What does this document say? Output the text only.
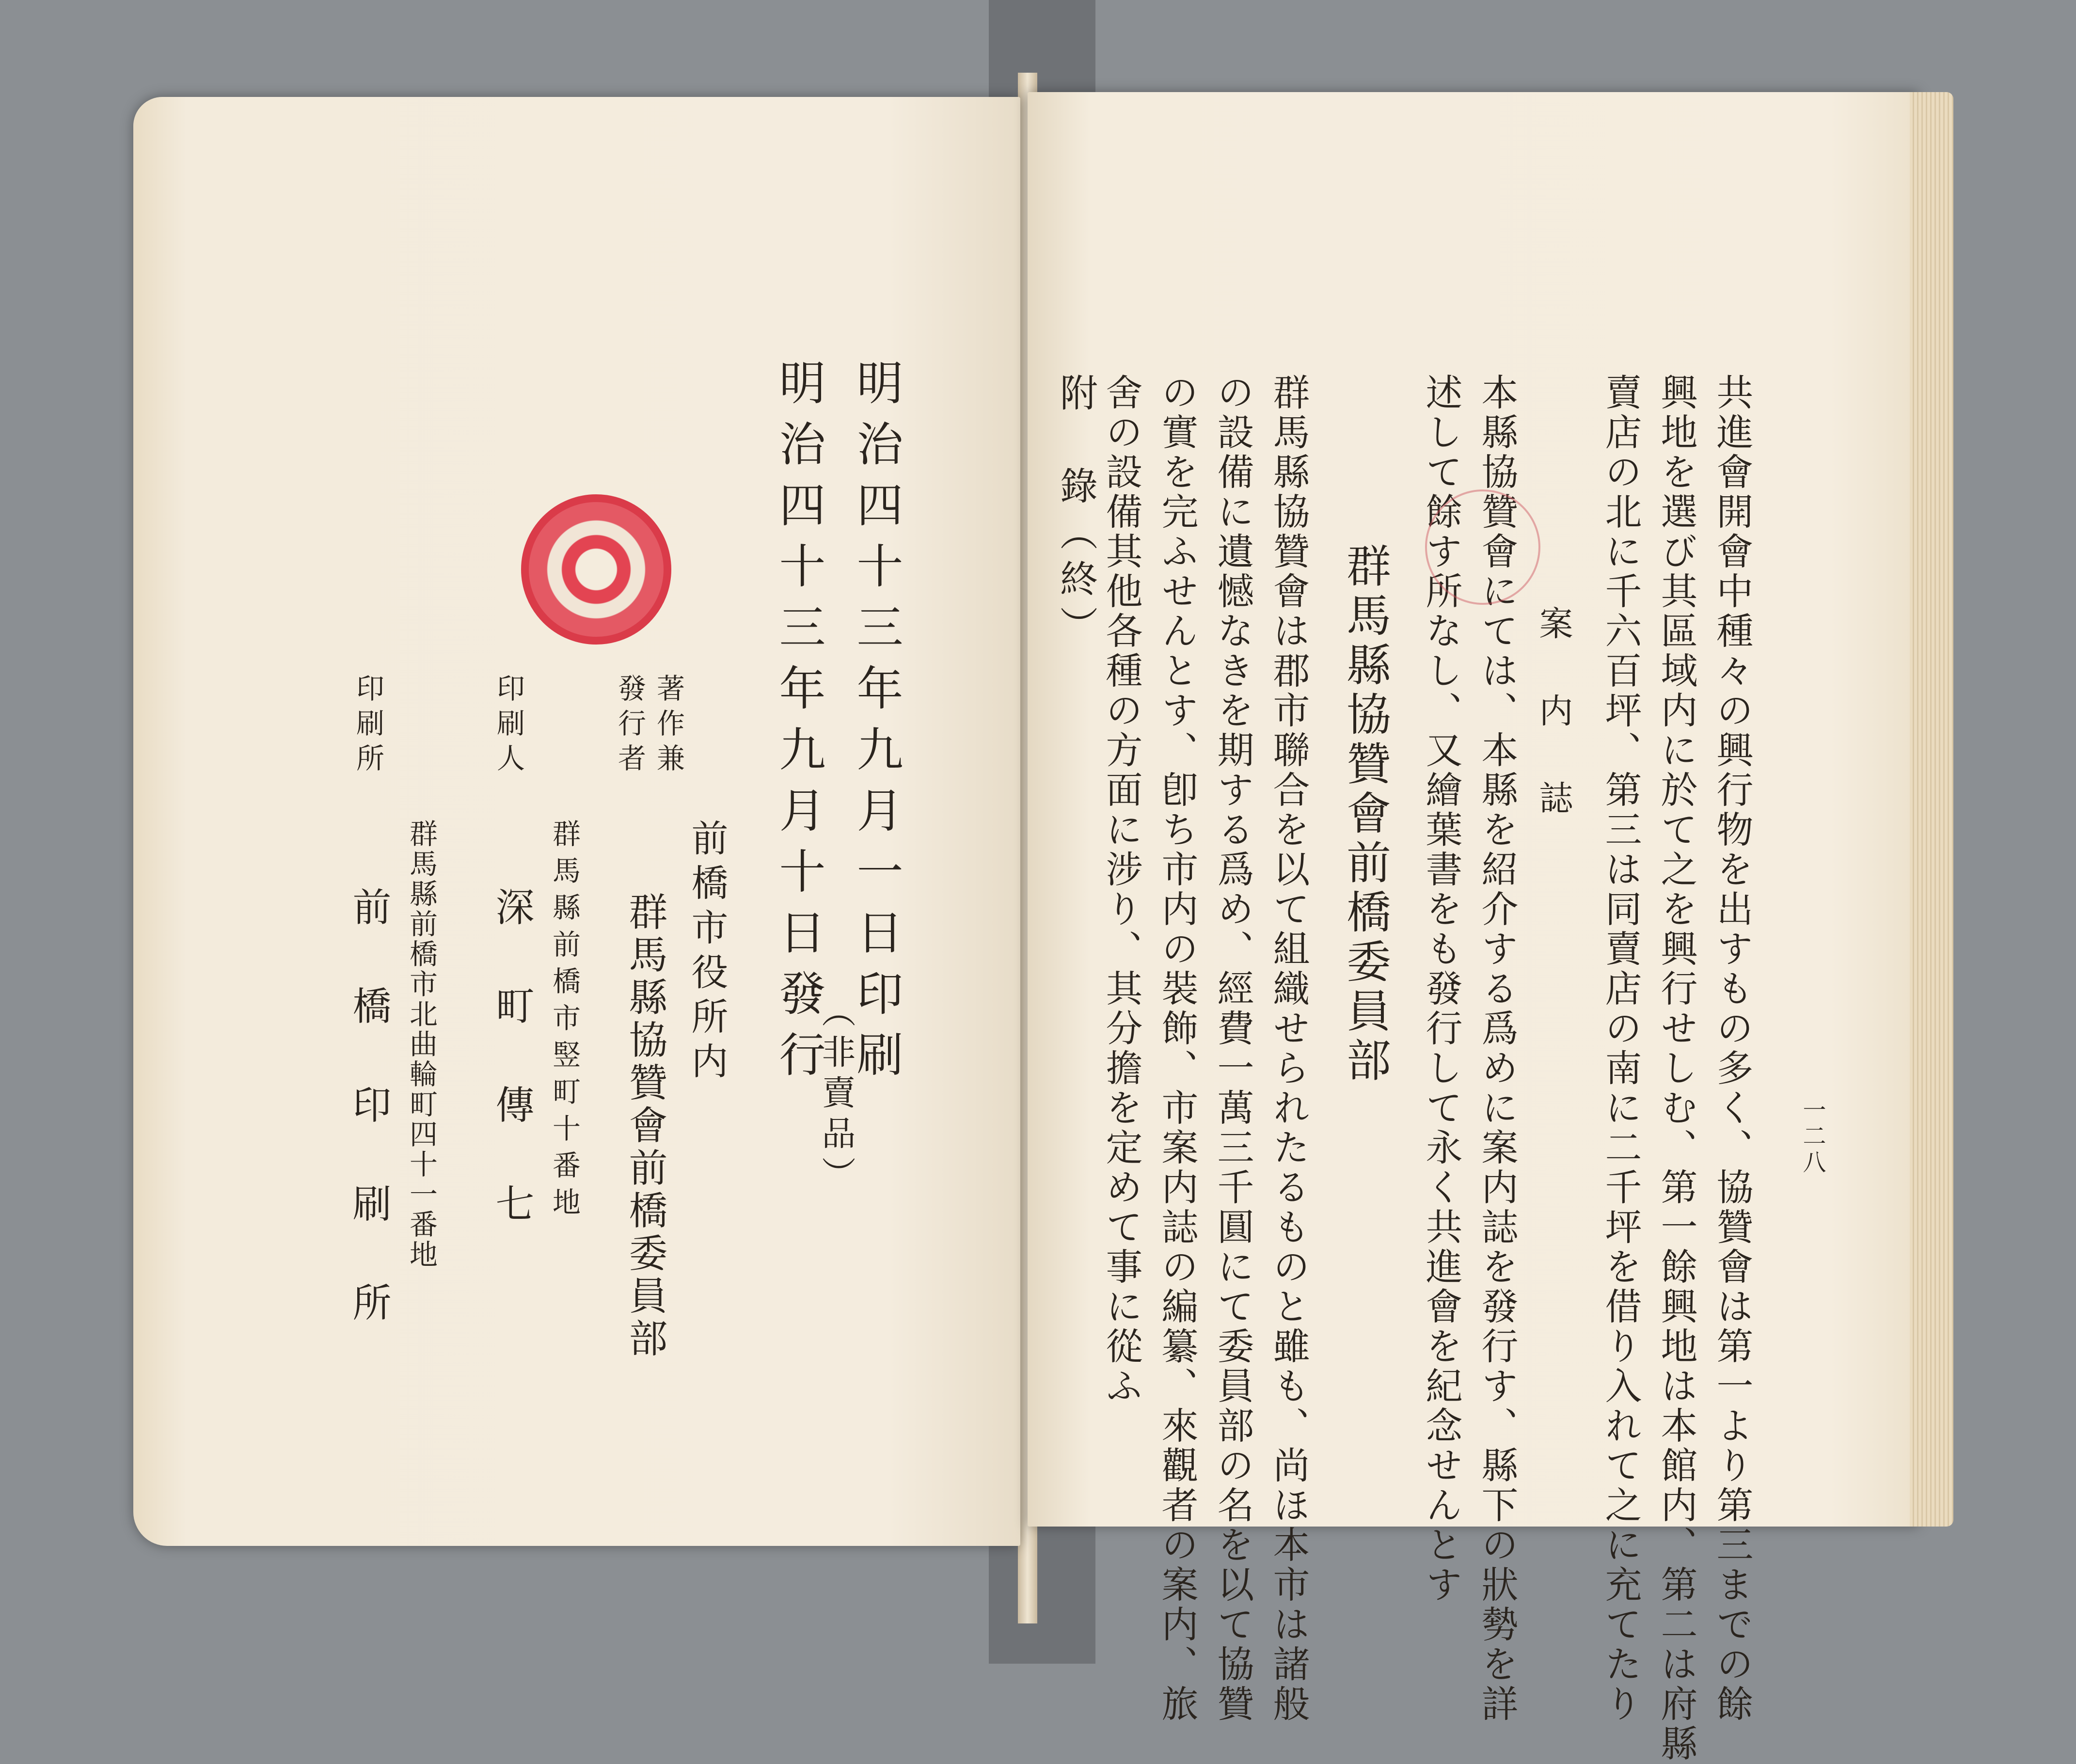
一二八
共進會開會中種々の興行物を出すもの多く、協贊會は第一より第三までの餘
興地を選び其區域内に於て之を興行せしむ、第一餘興地は本館内、第二は府縣
賣店の北に千六百坪、第三は同賣店の南に二千坪を借り入れて之に充てたり
案　内　誌
本縣協贊會にては、本縣を紹介する爲めに案内誌を發行す、縣下の狀勢を詳
述して餘す所なし、又繪葉書をも發行して永く共進會を紀念せんとす
群馬縣協贊會前橋委員部
群馬縣協贊會は郡市聯合を以て組織せられたるものと雖も、尚ほ本市は諸般
の設備に遺憾なきを期する爲め、經費一萬三千圓にて委員部の名を以て協贊
の實を完ふせんとす、卽ち市内の裝飾、市案内誌の編纂、來觀者の案内、旅
舍の設備其他各種の方面に涉り、其分擔を定めて事に從ふ
附　錄（終）
明治四十三年九月一日印刷
明治四十三年九月十日發行
（非賣品）
著作兼
發行者
前橋市役所内
群馬縣協贊會前橋委員部
印刷人
群馬縣前橋市竪町十番地
深　町　傳　七
印刷所
群馬縣前橋市北曲輪町四十一番地
前　橋　印　刷　所
